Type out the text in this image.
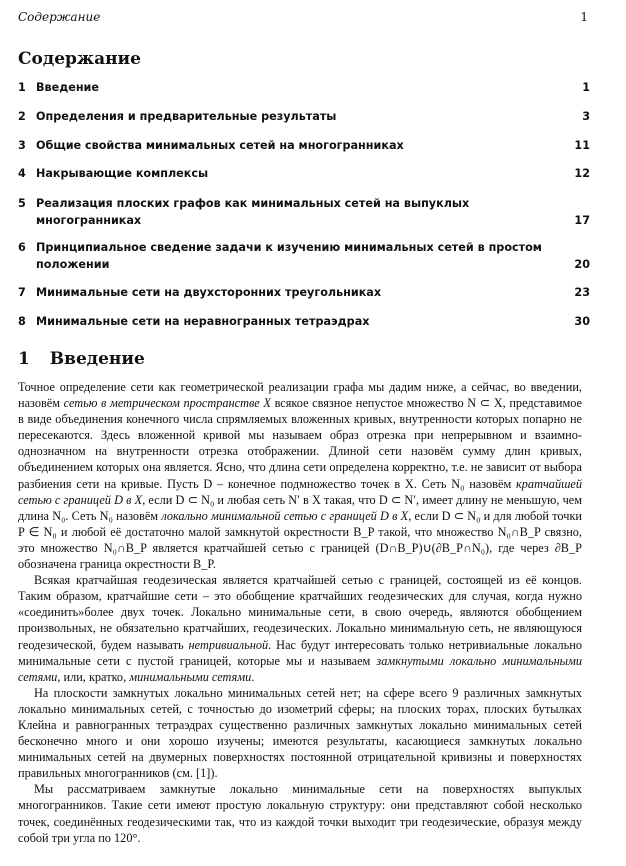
Содержание	1
Содержание
1 Введение	1
2 Определения и предварительные результаты	3
3 Общие свойства минимальных сетей на многогранниках	11
4 Накрывающие комплексы	12
5 Реализация плоских графов как минимальных сетей на выпуклых многогранниках	17
6 Принципиальное сведение задачи к изучению минимальных сетей в простом положении	20
7 Минимальные сети на двухсторонних треугольниках	23
8 Минимальные сети на неравногранных тетраэдрах	30
1 Введение

Точное определение сети как геометрической реализации графа мы дадим ниже, а сейчас, во введении, назовём сетью в метрическом пространстве X всякое связное непустое множество N ⊂ X, представимое в виде объединения конечного числа спрямляемых вложенных кривых, внутренности которых попарно не пересекаются. Здесь вложенной кривой мы называем образ отрезка при непрерывном и взаимно-однозначном на внутренности отрезка отображении. Длиной сети назовём сумму длин кривых, объединением которых она является. Ясно, что длина сети определена корректно, т.е. не зависит от выбора разбиения сети на кривые. Пусть D – конечное подмножество точек в X. Сеть N₀ назовём кратчайшей сетью с границей D в X, если D ⊂ N₀ и любая сеть N′ в X такая, что D ⊂ N′, имеет длину не меньшую, чем длина N₀. Сеть N₀ назовём локально минимальной сетью с границей D в X, если D ⊂ N₀ и для любой точки P ∈ N₀ и любой её достаточно малой замкнутой окрестности B_P такой, что множество N₀∩B_P связно, это множество N₀∩B_P является кратчайшей сетью с границей (D∩B_P)∪(∂B_P∩N₀), где через ∂B_P обозначена граница окрестности B_P.

Всякая кратчайшая геодезическая является кратчайшей сетью с границей, состоящей из её концов. Таким образом, кратчайшие сети – это обобщение кратчайших геодезических для случая, когда нужно «соединить»более двух точек. Локально минимальные сети, в свою очередь, являются обобщением произвольных, не обязательно кратчайших, геодезических. Локально минимальную сеть, не являющуюся геодезической, будем называть нетривиальной. Нас будут интересовать только нетривиальные локально минимальные сети с пустой границей, которые мы и называем замкнутыми локально минимальными сетями, или, кратко, минимальными сетями.

На плоскости замкнутых локально минимальных сетей нет; на сфере всего 9 различных замкнутых локально минимальных сетей, с точностью до изометрий сферы; на плоских торах, плоских бутылках Клейна и равногранных тетраэдрах существенно различных замкнутых локально минимальных сетей бесконечно много и они хорошо изучены; имеются результаты, касающиеся замкнутых локально минимальных сетей на двумерных поверхностях постоянной отрицательной кривизны и поверхностях правильных многогранников (см. [1]).

Мы рассматриваем замкнутые локально минимальные сети на поверхностях выпуклых многогранников. Такие сети имеют простую локальную структуру: они представляют собой несколько точек, соединённых геодезическими так, что из каждой точки выходит три геодезические, образуя между собой три угла по 120°.
